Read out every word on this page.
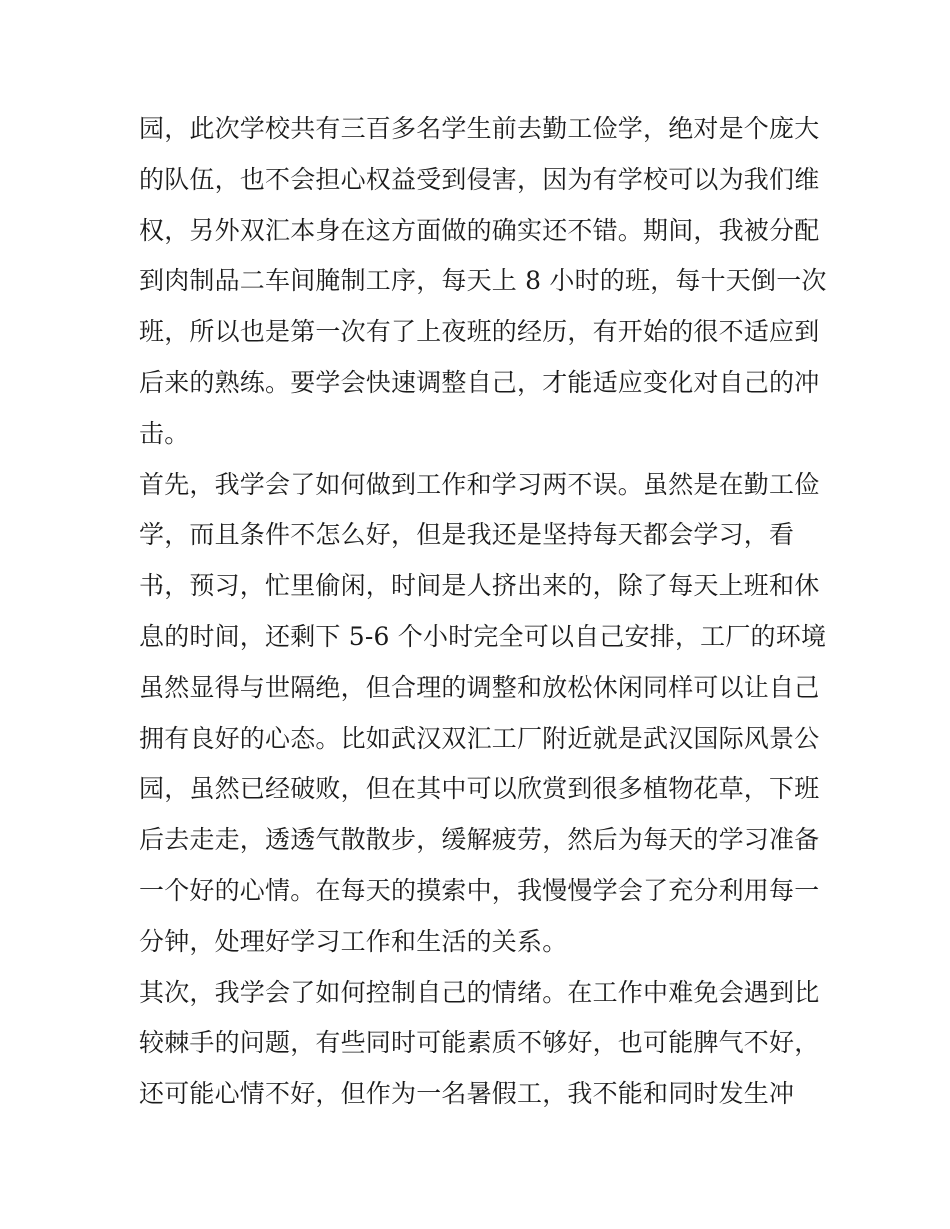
园，此次学校共有三百多名学生前去勤工俭学，绝对是个庞大
的队伍，也不会担心权益受到侵害，因为有学校可以为我们维
权，另外双汇本身在这方面做的确实还不错。期间，我被分配
到肉制品二车间腌制工序，每天上 8 小时的班，每十天倒一次
班，所以也是第一次有了上夜班的经历，有开始的很不适应到
后来的熟练。要学会快速调整自己，才能适应变化对自己的冲
击。
首先，我学会了如何做到工作和学习两不误。虽然是在勤工俭
学，而且条件不怎么好，但是我还是坚持每天都会学习，看
书，预习，忙里偷闲，时间是人挤出来的，除了每天上班和休
息的时间，还剩下 5-6 个小时完全可以自己安排，工厂的环境
虽然显得与世隔绝，但合理的调整和放松休闲同样可以让自己
拥有良好的心态。比如武汉双汇工厂附近就是武汉国际风景公
园，虽然已经破败，但在其中可以欣赏到很多植物花草，下班
后去走走，透透气散散步，缓解疲劳，然后为每天的学习准备
一个好的心情。在每天的摸索中，我慢慢学会了充分利用每一
分钟，处理好学习工作和生活的关系。
其次，我学会了如何控制自己的情绪。在工作中难免会遇到比
较棘手的问题，有些同时可能素质不够好，也可能脾气不好，
还可能心情不好，但作为一名暑假工，我不能和同时发生冲
